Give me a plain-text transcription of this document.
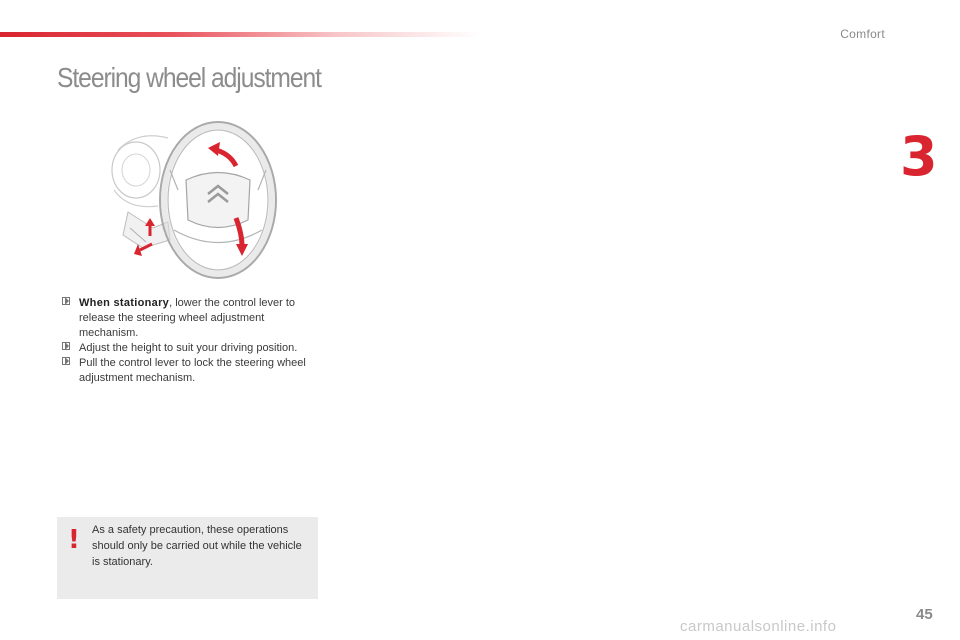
Comfort
3
Steering wheel adjustment

When stationary, lower the control lever to release the steering wheel adjustment mechanism.

Adjust the height to suit your driving position.

Pull the control lever to lock the steering wheel adjustment mechanism.

! As a safety precaution, these operations should only be carried out while the vehicle is stationary.
45
carmanualsonline.info
